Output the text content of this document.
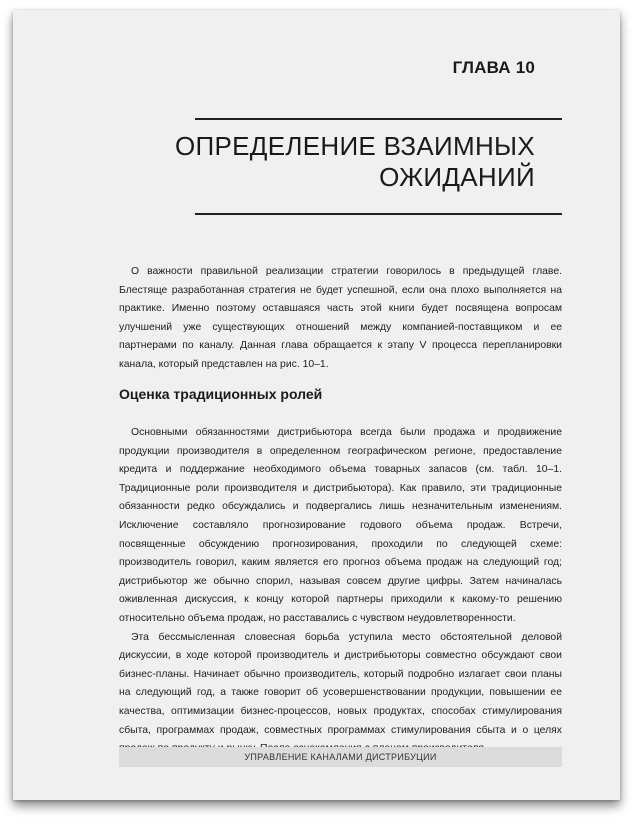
ГЛАВА 10
ОПРЕДЕЛЕНИЕ ВЗАИМНЫХ
ОЖИДАНИЙ

О важности правильной реализации стратегии говорилось в предыдущей главе. Блестяще разработанная стратегия не будет успешной, если она плохо выполняется на практике. Именно поэтому оставшаяся часть этой книги будет посвящена вопросам улучшений уже существующих отношений между компанией-поставщиком и ее партнерами по каналу. Данная глава обращается к этапу V процесса перепланировки канала, который представлен на рис. 10–1.

Оценка традиционных ролей

Основными обязанностями дистрибьютора всегда были продажа и продвижение продукции производителя в определенном географическом регионе, предоставление кредита и поддержание необходимого объема товарных запасов (см. табл. 10–1. Традиционные роли производителя и дистрибьютора). Как правило, эти традиционные обязанности редко обсуждались и подвергались лишь незначительным изменениям. Исключение составляло прогнозирование годового объема продаж. Встречи, посвященные обсуждению прогнозирования, проходили по следующей схеме: производитель говорил, каким является его прогноз объема продаж на следующий год; дистрибьютор же обычно спорил, называя совсем другие цифры. Затем начиналась оживленная дискуссия, к концу которой партнеры приходили к какому-то решению относительно объема продаж, но расставались с чувством неудовлетворенности.

Эта бессмысленная словесная борьба уступила место обстоятельной деловой дискуссии, в ходе которой производитель и дистрибьюторы совместно обсуждают свои бизнес-планы. Начинает обычно производитель, который подробно излагает свои планы на следующий год, а также говорит об усовершенствовании продукции, повышении ее качества, оптимизации бизнес-процессов, новых продуктах, способах стимулирования сбыта, программах продаж, совместных программах стимулирования сбыта и о целях

УПРАВЛЕНИЕ КАНАЛАМИ ДИСТРИБУЦИИ
